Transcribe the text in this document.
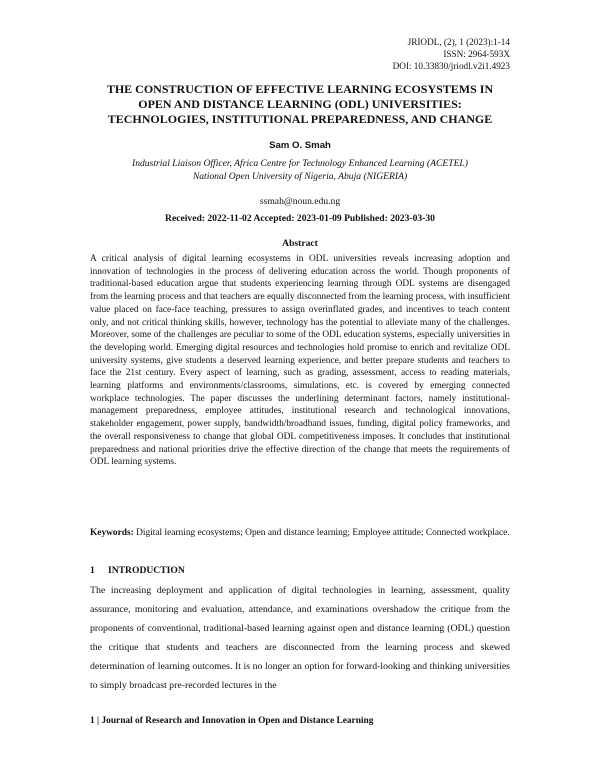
JRIODL, (2), 1 (2023):1-14
ISSN: 2964-593X
DOI: 10.33830/jriodl.v2i1.4923
THE CONSTRUCTION OF EFFECTIVE LEARNING ECOSYSTEMS IN OPEN AND DISTANCE LEARNING (ODL) UNIVERSITIES: TECHNOLOGIES, INSTITUTIONAL PREPAREDNESS, AND CHANGE
Sam O. Smah
Industrial Liaison Officer, Africa Centre for Technology Enhanced Learning (ACETEL)
National Open University of Nigeria, Abuja (NIGERIA)
ssmah@noun.edu.ng
Received: 2022-11-02 Accepted: 2023-01-09 Published: 2023-03-30
Abstract

A critical analysis of digital learning ecosystems in ODL universities reveals increasing adoption and innovation of technologies in the process of delivering education across the world. Though proponents of traditional-based education argue that students experiencing learning through ODL systems are disengaged from the learning process and that teachers are equally disconnected from the learning process, with insufficient value placed on face-face teaching, pressures to assign overinflated grades, and incentives to teach content only, and not critical thinking skills, however, technology has the potential to alleviate many of the challenges. Moreover, some of the challenges are peculiar to some of the ODL education systems, especially universities in the developing world. Emerging digital resources and technologies hold promise to enrich and revitalize ODL university systems, give students a deserved learning experience, and better prepare students and teachers to face the 21st century. Every aspect of learning, such as grading, assessment, access to reading materials, learning platforms and environments/classrooms, simulations, etc. is covered by emerging connected workplace technologies. The paper discusses the underlining determinant factors, namely institutional-management preparedness, employee attitudes, institutional research and technological innovations, stakeholder engagement, power supply, bandwidth/broadband issues, funding, digital policy frameworks, and the overall responsiveness to change that global ODL competitiveness imposes. It concludes that institutional preparedness and national priorities drive the effective direction of the change that meets the requirements of ODL learning systems.

Keywords: Digital learning ecosystems; Open and distance learning; Employee attitude; Connected workplace.

1 INTRODUCTION

The increasing deployment and application of digital technologies in learning, assessment, quality assurance, monitoring and evaluation, attendance, and examinations overshadow the critique from the proponents of conventional, traditional-based learning against open and distance learning (ODL) question the critique that students and teachers are disconnected from the learning process and skewed determination of learning outcomes. It is no longer an option for forward-looking and thinking universities to simply broadcast pre-recorded lectures in the

1 | Journal of Research and Innovation in Open and Distance Learning
